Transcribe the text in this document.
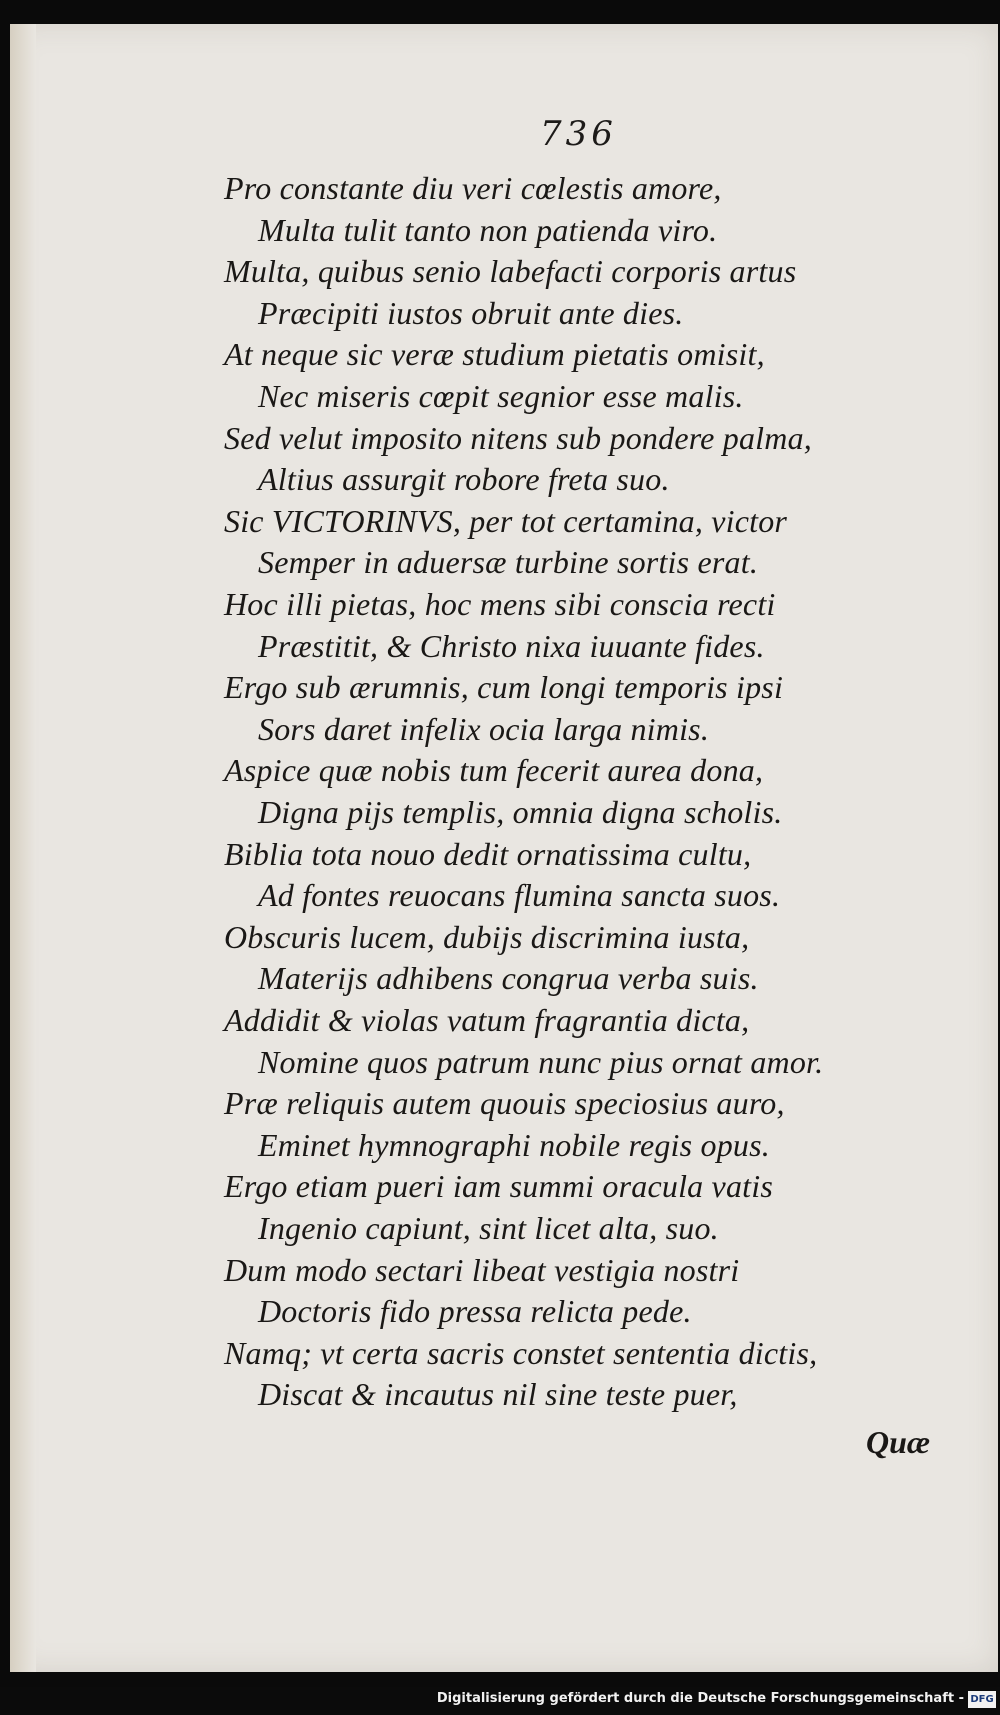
736
Pro constante diu veri cœlestis amore,
Multa tulit tanto non patienda viro.
Multa, quibus senio labefacti corporis artus
Præcipiti iustos obruit ante dies.
At neque sic veræ studium pietatis omisit,
Nec miseris cœpit segnior esse malis.
Sed velut imposito nitens sub pondere palma,
Altius assurgit robore freta suo.
Sic VICTORINVS, per tot certamina, victor
Semper in aduersæ turbine sortis erat.
Hoc illi pietas, hoc mens sibi conscia recti
Præstitit, & Christo nixa iuuante fides.
Ergo sub ærumnis, cum longi temporis ipsi
Sors daret infelix ocia larga nimis.
Aspice quæ nobis tum fecerit aurea dona,
Digna pijs templis, omnia digna scholis.
Biblia tota nouo dedit ornatissima cultu,
Ad fontes reuocans flumina sancta suos.
Obscuris lucem, dubijs discrimina iusta,
Materijs adhibens congrua verba suis.
Addidit & violas vatum fragrantia dicta,
Nomine quos patrum nunc pius ornat amor.
Præ reliquis autem quouis speciosius auro,
Eminet hymnographi nobile regis opus.
Ergo etiam pueri iam summi oracula vatis
Ingenio capiunt, sint licet alta, suo.
Dum modo sectari libeat vestigia nostri
Doctoris fido pressa relicta pede.
Namq; vt certa sacris constet sententia dictis,
Discat & incautus nil sine teste puer,
Quæ
Digitalisierung gefördert durch die Deutsche Forschungsgemeinschaft - DFG
